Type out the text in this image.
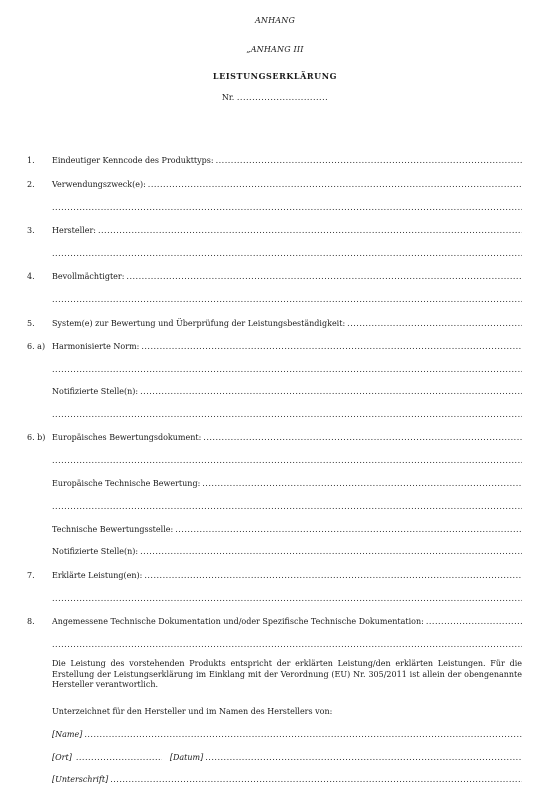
ANHANG
„ANHANG III
LEISTUNGSERKLÄRUNG
Nr. ..............................
1. Eindeutiger Kenncode des Produkttyps:
.....
2. Verwendungszweck(e):
.....
.....
3. Hersteller:
.....
.....
4. Bevollmächtigter:
.....
.....
5. System(e) zur Bewertung und Überprüfung der Leistungsbeständigkeit:
.....
6. a) Harmonisierte Norm:
.....
.....
Notifizierte Stelle(n):
.....
.....
6. b) Europäisches Bewertungsdokument:
.....
.....
Europäische Technische Bewertung:
.....
.....
Technische Bewertungsstelle:
.....
Notifizierte Stelle(n):
.....
7. Erklärte Leistung(en):
.....
.....
8. Angemessene Technische Dokumentation und/oder Spezifische Technische Dokumentation:
.....
.....
Die Leistung des vorstehenden Produkts entspricht der erklärten Leistung/den erklärten Leistungen. Für die Erstellung der Leistungserklärung im Einklang mit der Verordnung (EU) Nr. 305/2011 ist allein der obengenannte Hersteller verantwortlich.
Unterzeichnet für den Hersteller und im Namen des Herstellers von:
[Name]
.....
[Ort]
.....	[Datum]
.....
[Unterschrift]
.....
